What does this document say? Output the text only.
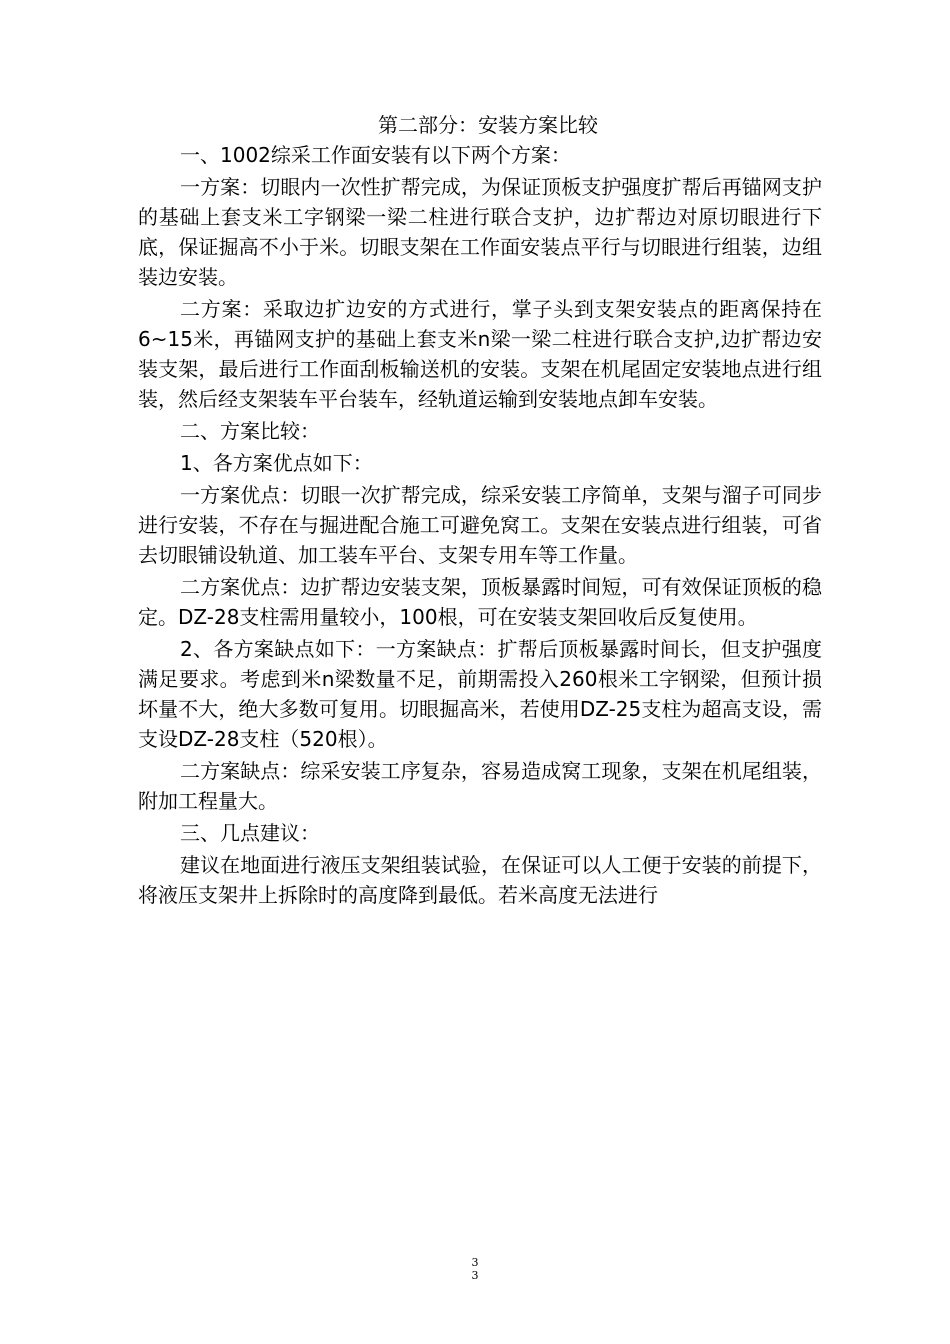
第二部分：安装方案比较

一、1002综采工作面安装有以下两个方案：

一方案：切眼内一次性扩帮完成，为保证顶板支护强度扩帮后再锚网支护的基础上套支米工字钢梁一梁二柱进行联合支护，边扩帮边对原切眼进行下底，保证掘高不小于米。切眼支架在工作面安装点平行与切眼进行组装，边组装边安装。

二方案：采取边扩边安的方式进行，掌子头到支架安装点的距离保持在6~15米，再锚网支护的基础上套支米n梁一梁二柱进行联合支护,边扩帮边安装支架，最后进行工作面刮板输送机的安装。支架在机尾固定安装地点进行组装，然后经支架装车平台装车，经轨道运输到安装地点卸车安装。

二、方案比较：

1、各方案优点如下：

一方案优点：切眼一次扩帮完成，综采安装工序简单，支架与溜子可同步进行安装，不存在与掘进配合施工可避免窝工。支架在安装点进行组装，可省去切眼铺设轨道、加工装车平台、支架专用车等工作量。

二方案优点：边扩帮边安装支架，顶板暴露时间短，可有效保证顶板的稳定。DZ-28支柱需用量较小，100根，可在安装支架回收后反复使用。

2、各方案缺点如下：一方案缺点：扩帮后顶板暴露时间长，但支护强度满足要求。考虑到米n梁数量不足，前期需投入260根米工字钢梁，但预计损坏量不大，绝大多数可复用。切眼掘高米，若使用DZ-25支柱为超高支设，需支设DZ-28支柱（520根）。

二方案缺点：综采安装工序复杂，容易造成窝工现象，支架在机尾组装，附加工程量大。

三、几点建议：

建议在地面进行液压支架组装试验，在保证可以人工便于安装的前提下，将液压支架井上拆除时的高度降到最低。若米高度无法进行

3
3
